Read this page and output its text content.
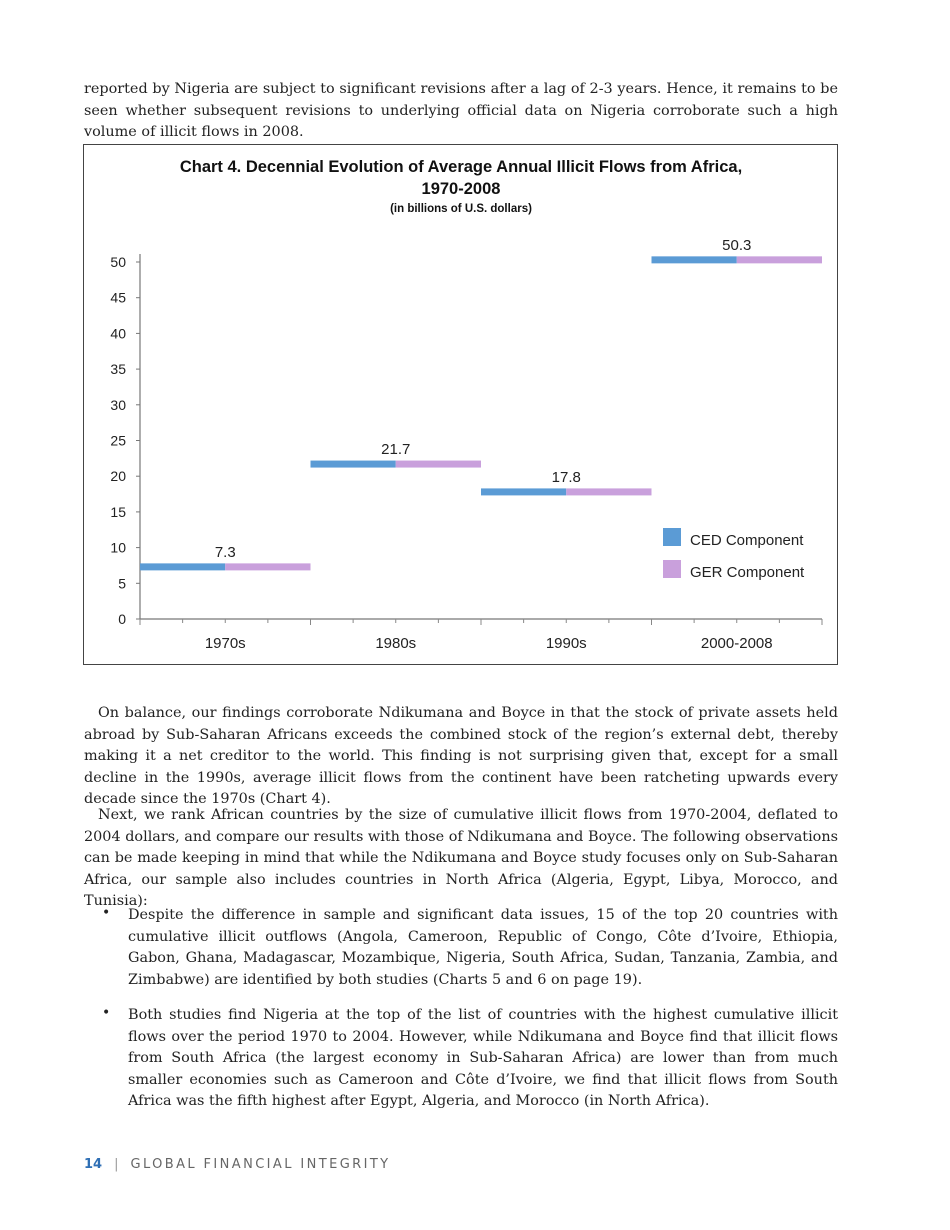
reported by Nigeria are subject to significant revisions after a lag of 2-3 years. Hence, it remains to be seen whether subsequent revisions to underlying official data on Nigeria corroborate such a high volume of illicit flows in 2008.

Chart 4. Decennial Evolution of Average Annual Illicit Flows from Africa,
1970-2008
(in billions of U.S. dollars)
0
5
10
15
20
25
30
35
40
45
50
7.3
21.7
17.8
50.3
1970s	1980s	1990s	2000-2008
CED Component
GER Component

On balance, our findings corroborate Ndikumana and Boyce in that the stock of private assets held abroad by Sub-Saharan Africans exceeds the combined stock of the region’s external debt, thereby making it a net creditor to the world. This finding is not surprising given that, except for a small decline in the 1990s, average illicit flows from the continent have been ratcheting upwards every decade since the 1970s (Chart 4).

Next, we rank African countries by the size of cumulative illicit flows from 1970-2004, deflated to 2004 dollars, and compare our results with those of Ndikumana and Boyce. The following observations can be made keeping in mind that while the Ndikumana and Boyce study focuses only on Sub-Saharan Africa, our sample also includes countries in North Africa (Algeria, Egypt, Libya, Morocco, and Tunisia):

• Despite the difference in sample and significant data issues, 15 of the top 20 countries with cumulative illicit outflows (Angola, Cameroon, Republic of Congo, Côte d’Ivoire, Ethiopia, Gabon, Ghana, Madagascar, Mozambique, Nigeria, South Africa, Sudan, Tanzania, Zambia, and Zimbabwe) are identified by both studies (Charts 5 and 6 on page 19).
• Both studies find Nigeria at the top of the list of countries with the highest cumulative illicit flows over the period 1970 to 2004. However, while Ndikumana and Boyce find that illicit flows from South Africa (the largest economy in Sub-Saharan Africa) are lower than from much smaller economies such as Cameroon and Côte d’Ivoire, we find that illicit flows from South Africa was the fifth highest after Egypt, Algeria, and Morocco (in North Africa).
14 | GLOBAL FINANCIAL INTEGRITY
